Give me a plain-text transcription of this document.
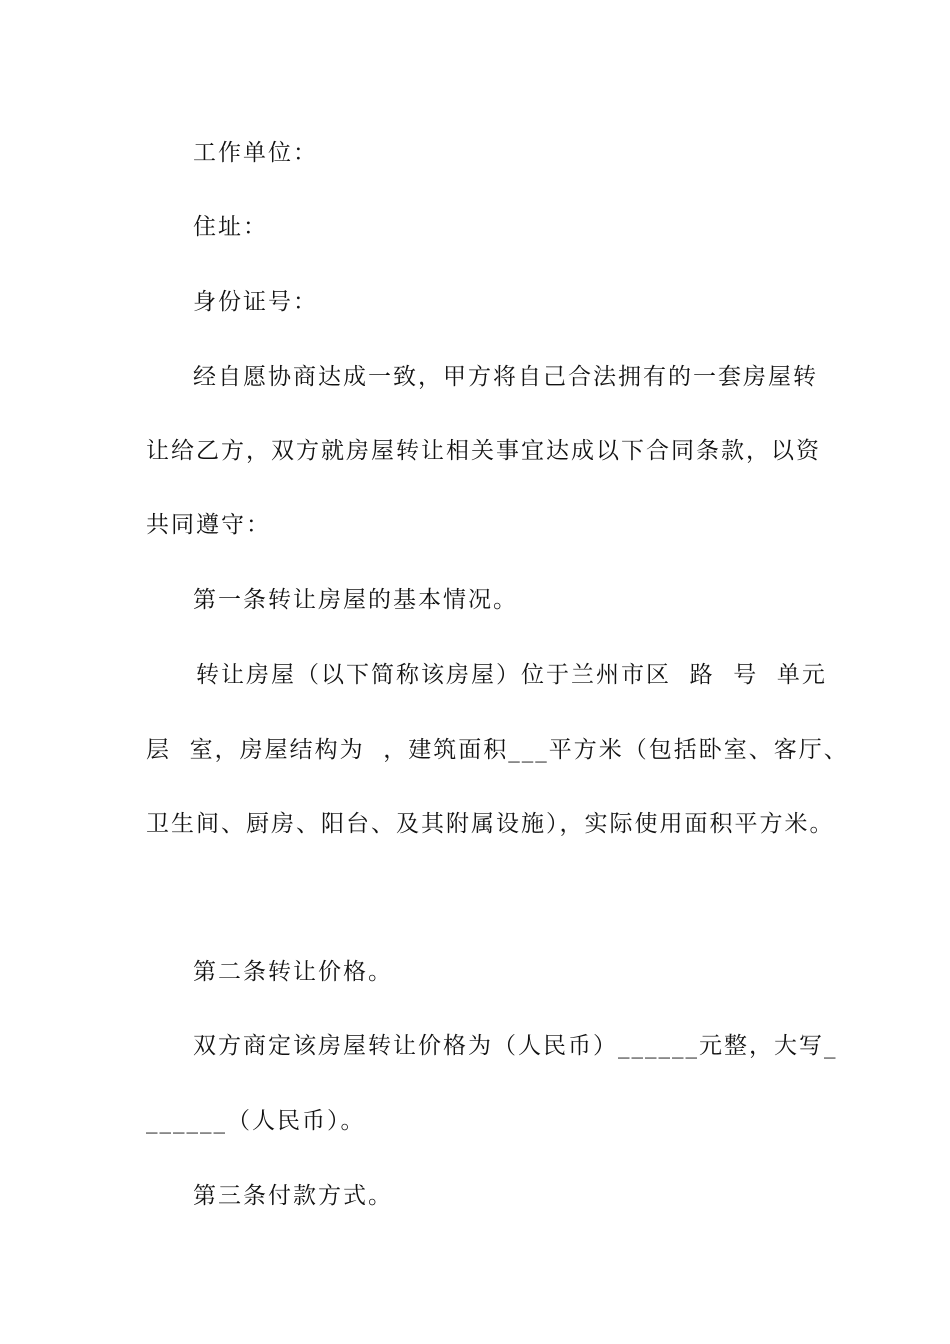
工作单位：
住址：
身份证号：
经自愿协商达成一致，甲方将自己合法拥有的一套房屋转
让给乙方，双方就房屋转让相关事宜达成以下合同条款，以资
共同遵守：
第一条转让房屋的基本情况。
转让房屋（以下简称该房屋）位于兰州市区  路  号  单元
层  室，房屋结构为  ，建筑面积___平方米（包括卧室、客厅、
卫生间、厨房、阳台、及其附属设施），实际使用面积平方米。
第二条转让价格。
双方商定该房屋转让价格为（人民币）______元整，大写_
______（人民币）。
第三条付款方式。
